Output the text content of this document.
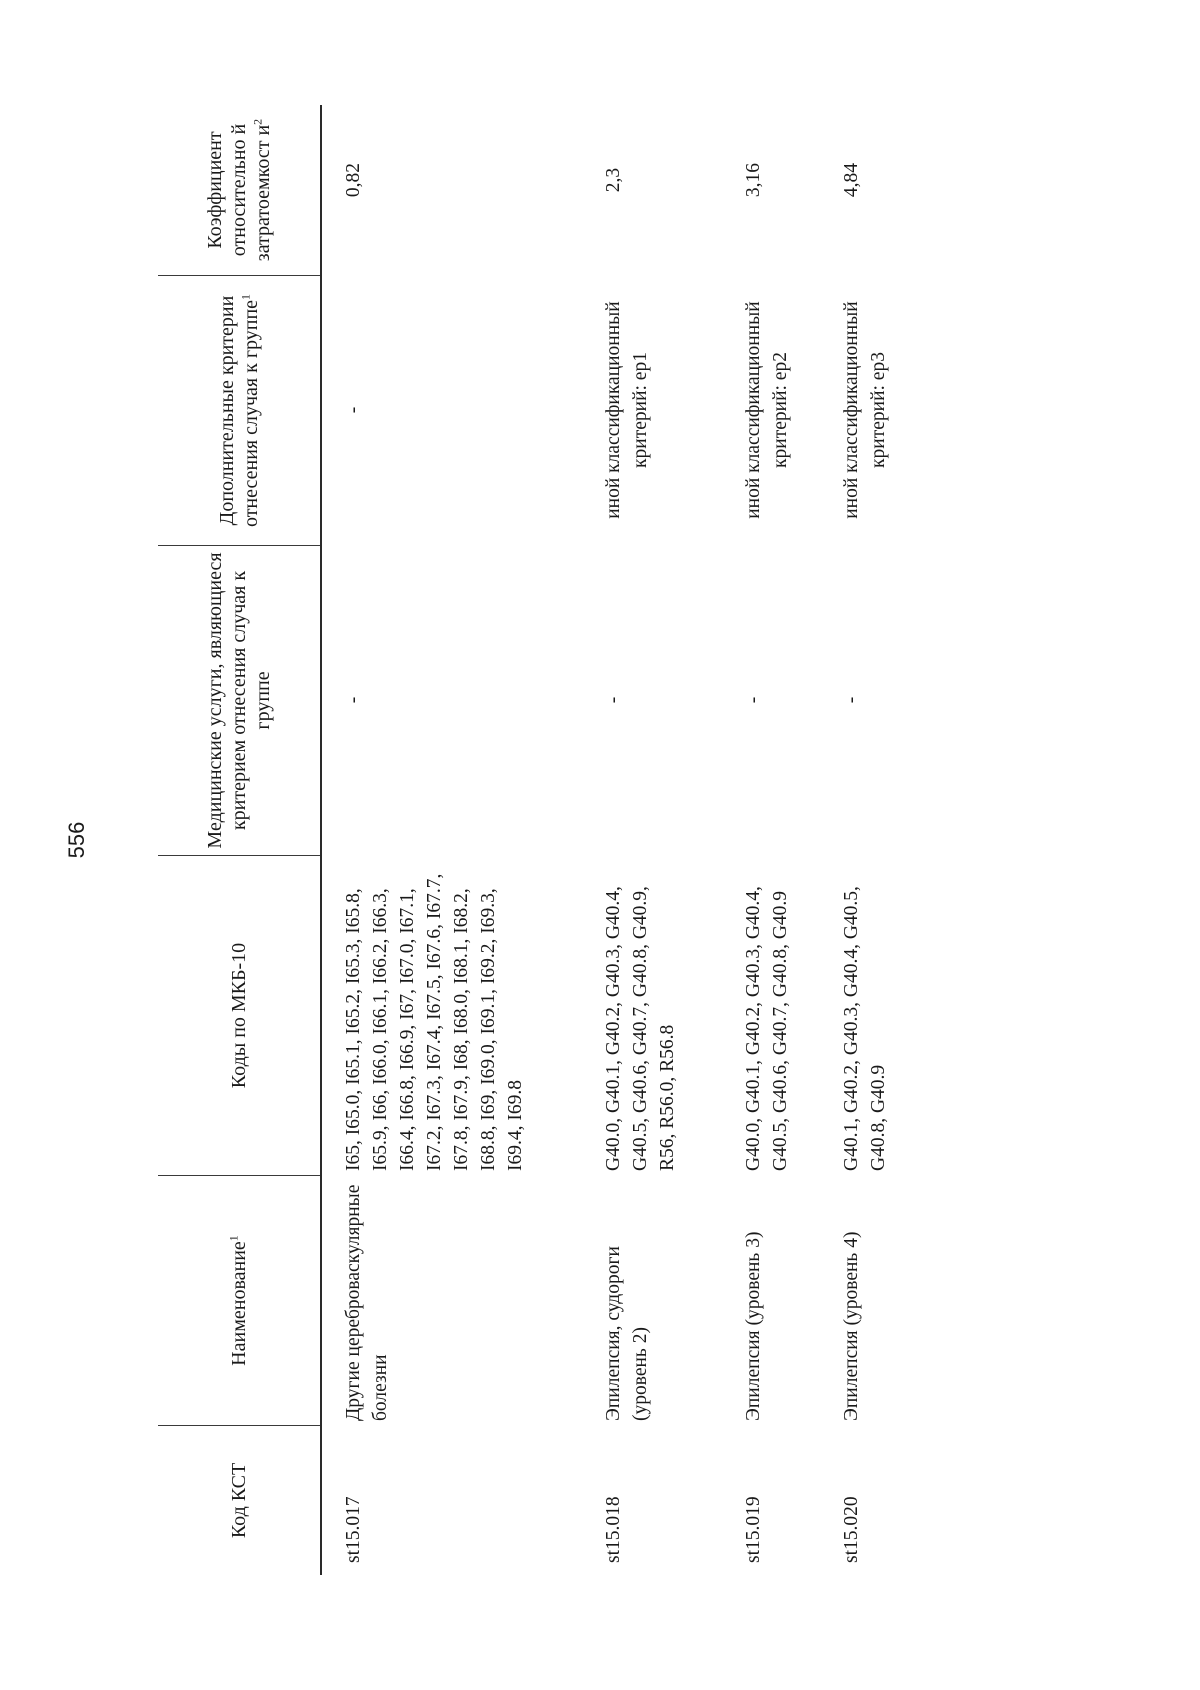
556
Код КСТ
Наименование$^1$
Коды по МКБ-10
Медицинские услуги, являющиеся критерием отнесения случая к группе
Дополнительные критерии отнесения случая к группе$^1$
Коэффициент относительно й затратоемкост $и^2$
st15.017
Другие цереброваскулярные болезни
I65, I65.0, I65.1, I65.2, I65.3, I65.8, I65.9, I66, I66.0, I66.1, I66.2, I66.3, I66.4, I66.8, I66.9, I67, I67.0, I67.1, I67.2, I67.3, I67.4, I67.5, I67.6, I67.7, I67.8, I67.9, I68, I68.0, I68.1, I68.2, I68.8, I69, I69.0, I69.1, I69.2, I69.3, I69.4, I69.8
-
-
0,82
st15.018
Эпилепсия, судороги (уровень 2)
G40.0, G40.1, G40.2, G40.3, G40.4, G40.5, G40.6, G40.7, G40.8, G40.9, R56, R56.0, R56.8
-
иной классификационный критерий: ep1
2,3
st15.019
Эпилепсия (уровень 3)
G40.0, G40.1, G40.2, G40.3, G40.4, G40.5, G40.6, G40.7, G40.8, G40.9
-
иной классификационный критерий: ep2
3,16
st15.020
Эпилепсия (уровень 4)
G40.1, G40.2, G40.3, G40.4, G40.5, G40.8, G40.9
-
иной классификационный критерий: ep3
4,84
